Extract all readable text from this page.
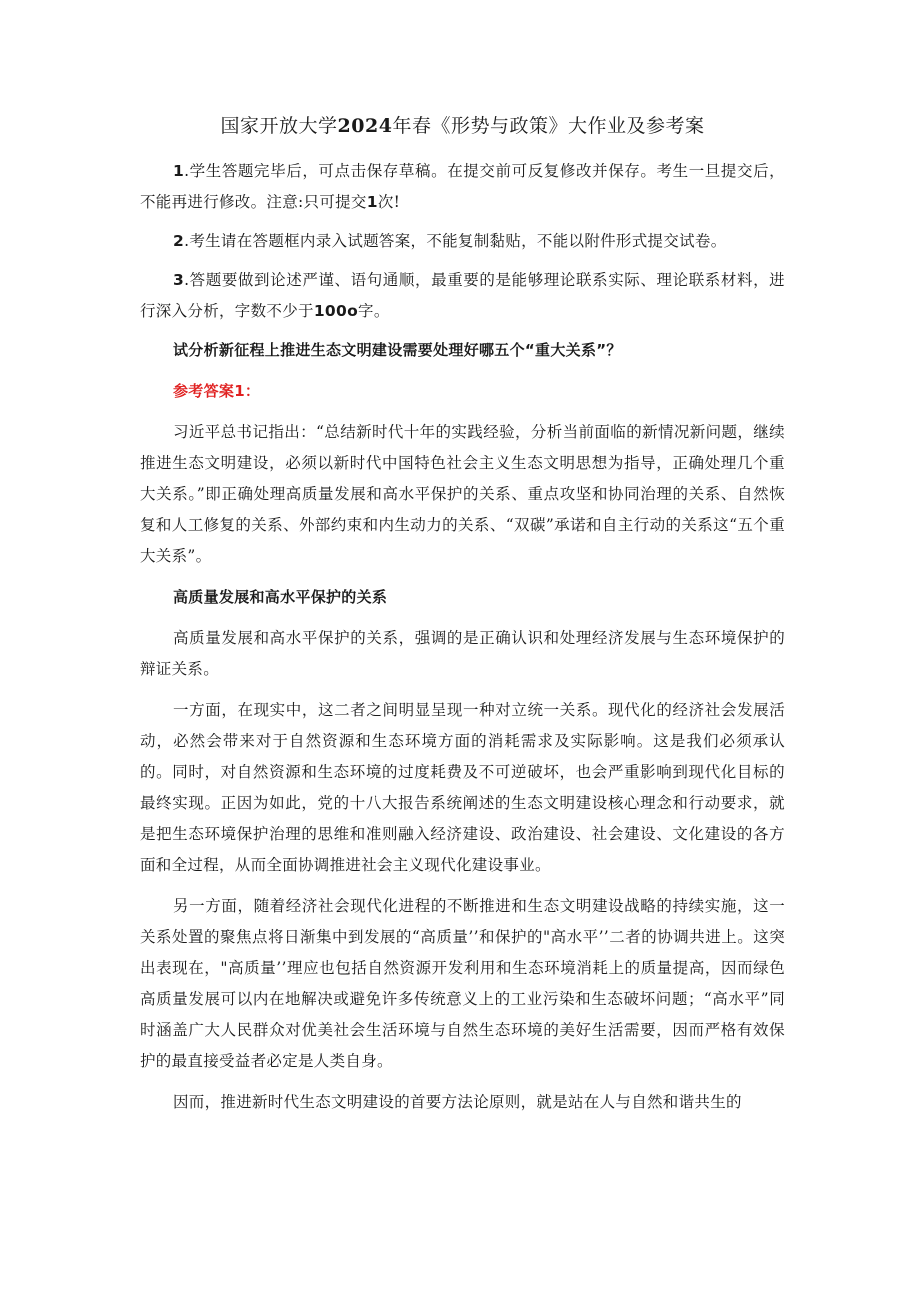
国家开放大学2024年春《形势与政策》大作业及参考案

1.学生答题完毕后，可点击保存草稿。在提交前可反复修改并保存。考生一旦提交后，不能再进行修改。注意:只可提交1次!

2.考生请在答题框内录入试题答案，不能复制黏贴，不能以附件形式提交试卷。

3.答题要做到论述严谨、语句通顺，最重要的是能够理论联系实际、理论联系材料，进行深入分析，字数不少于100o字。

试分析新征程上推进生态文明建设需要处理好哪五个“重大关系”？

参考答案1：

习近平总书记指出：“总结新时代十年的实践经验，分析当前面临的新情况新问题，继续推进生态文明建设，必须以新时代中国特色社会主义生态文明思想为指导，正确处理几个重大关系。”即正确处理高质量发展和高水平保护的关系、重点攻坚和协同治理的关系、自然恢复和人工修复的关系、外部约束和内生动力的关系、“双碳”承诺和自主行动的关系这“五个重大关系”。

高质量发展和高水平保护的关系

高质量发展和高水平保护的关系，强调的是正确认识和处理经济发展与生态环境保护的辩证关系。

一方面，在现实中，这二者之间明显呈现一种对立统一关系。现代化的经济社会发展活动，必然会带来对于自然资源和生态环境方面的消耗需求及实际影响。这是我们必须承认的。同时，对自然资源和生态环境的过度耗费及不可逆破坏，也会严重影响到现代化目标的最终实现。正因为如此，党的十八大报告系统阐述的生态文明建设核心理念和行动要求，就是把生态环境保护治理的思维和准则融入经济建设、政治建设、社会建设、文化建设的各方面和全过程，从而全面协调推进社会主义现代化建设事业。

另一方面，随着经济社会现代化进程的不断推进和生态文明建设战略的持续实施，这一关系处置的聚焦点将日渐集中到发展的“高质量’’和保护的"高水平’’二者的协调共进上。这突出表现在，"高质量’’理应也包括自然资源开发利用和生态环境消耗上的质量提高，因而绿色高质量发展可以内在地解决或避免许多传统意义上的工业污染和生态破坏问题；“高水平”同时涵盖广大人民群众对优美社会生活环境与自然生态环境的美好生活需要，因而严格有效保护的最直接受益者必定是人类自身。

因而，推进新时代生态文明建设的首要方法论原则，就是站在人与自然和谐共生的
